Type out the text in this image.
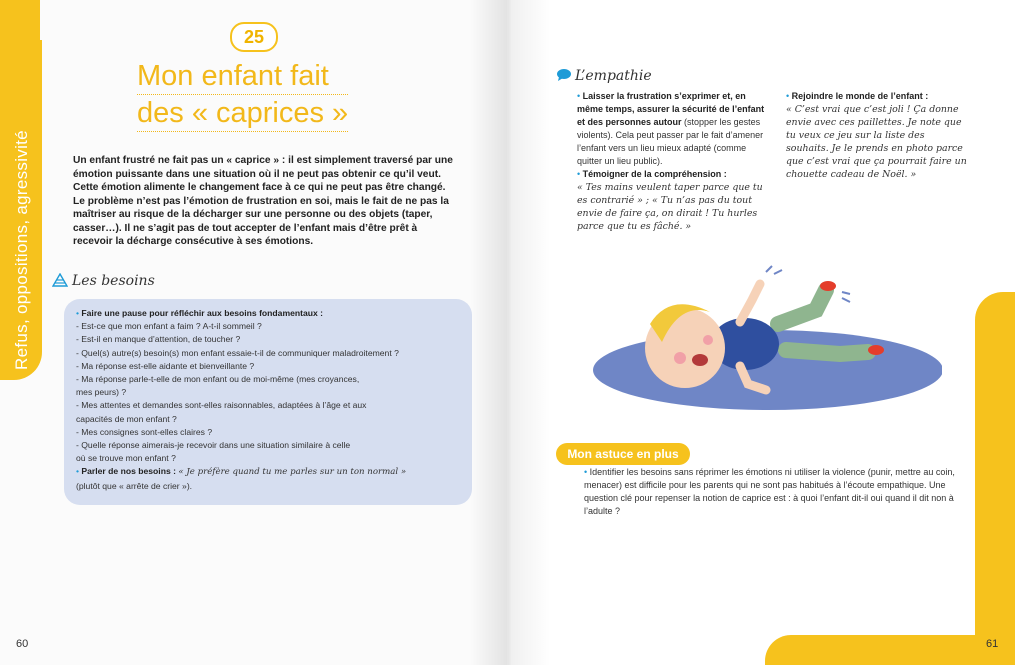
Refus, oppositions, agressivité
25
Mon enfant fait
des « caprices »
Un enfant frustré ne fait pas un « caprice » : il est simplement traversé par une émotion puissante dans une situation où il ne peut pas obtenir ce qu’il veut. Cette émotion alimente le changement face à ce qui ne peut pas être changé. Le problème n’est pas l’émotion de frustration en soi, mais le fait de ne pas la maîtriser au risque de la décharger sur une personne ou des objets (taper, casser…). Il ne s’agit pas de tout accepter de l’enfant mais d’être prêt à recevoir la décharge consécutive à ses émotions.
Les besoins
• Faire une pause pour réfléchir aux besoins fondamentaux :
- Est-ce que mon enfant a faim ? A-t-il sommeil ?
- Est-il en manque d’attention, de toucher ?
- Quel(s) autre(s) besoin(s) mon enfant essaie-t-il de communiquer maladroitement ?
- Ma réponse est-elle aidante et bienveillante ?
- Ma réponse parle-t-elle de mon enfant ou de moi-même (mes croyances,
mes peurs) ?
- Mes attentes et demandes sont-elles raisonnables, adaptées à l’âge et aux
capacités de mon enfant ?
- Mes consignes sont-elles claires ?
- Quelle réponse aimerais-je recevoir dans une situation similaire à celle
où se trouve mon enfant ?
• Parler de nos besoins : « Je préfère quand tu me parles sur un ton normal »
(plutôt que « arrête de crier »).
60
L’empathie
• Laisser la frustration s’exprimer et, en même temps, assurer la sécurité de l’enfant et des personnes autour (stopper les gestes violents). Cela peut passer par le fait d’amener l’enfant vers un lieu mieux adapté (comme quitter un lieu public).
• Témoigner de la compréhension :
« Tes mains veulent taper parce que tu es contrarié » ; « Tu n’as pas du tout envie de faire ça, on dirait ! Tu hurles parce que tu es fâché. »
• Rejoindre le monde de l’enfant :
« C’est vrai que c’est joli ! Ça donne envie avec ces paillettes. Je note que tu veux ce jeu sur la liste des souhaits. Je le prends en photo parce que c’est vrai que ça pourrait faire un chouette cadeau de Noël. »
Mon astuce en plus
• Identifier les besoins sans réprimer les émotions ni utiliser la violence (punir, mettre au coin, menacer) est difficile pour les parents qui ne sont pas habitués à l’écoute empathique. Une question clé pour repenser la notion de caprice est : à quoi l’enfant dit-il oui quand il dit non à l’adulte ?
61
